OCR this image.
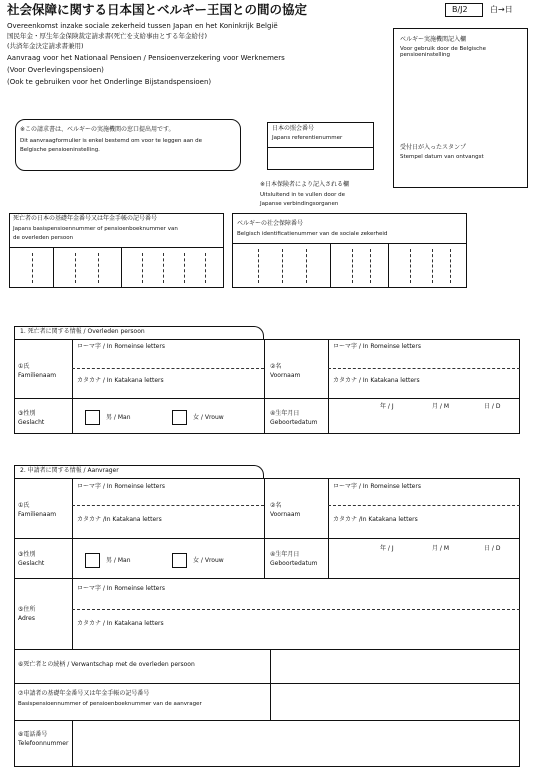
社会保障に関する日本国とベルギー王国との間の協定
Overeenkomst inzake sociale zekerheid tussen Japan en het Koninkrijk België
国民年金・厚生年金保険裁定請求書(死亡を支給事由とする年金給付)
(共済年金決定請求書兼用)
Aanvraag voor het Nationaal Pensioen / Pensioenverzekering voor Werknemers
(Voor Overlevingspensioen)
(Ook te gebruiken voor het Onderlinge Bijstandspensioen)
B/J2	白→日
ベルギー実施機関記入欄
Voor gebruik door de Belgische pensioeninstelling
受付日が入ったスタンプ
Stempel datum van ontvangst
※この請求書は、ベルギーの実施機関の窓口提出用です。
Dit aanvraagformulier is enkel bestemd om voor te leggen aan de
Belgische pensioeninstelling.
日本の照会番号
Japans referentienummer
※日本保険者により記入される欄
Uitsluitend in te vullen door de
Japanse verbindingsorganen
死亡者の日本の基礎年金番号又は年金手帳の記号番号
Japans basispensioennummer of pensioenboeknummer van
de overleden persoon
ベルギーの社会保障番号
Belgisch identificatienummer van de sociale zekerheid
1. 死亡者に関する情報 / Overleden persoon
①氏
Familienaam
ローマ字 / In Romeinse letters
カタカナ / In Katakana letters
②名
Voornaam
ローマ字 / In Romeinse letters
カタカナ / In Katakana letters
③性別
Geslacht
男 / Man	女 / Vrouw
④生年月日
Geboortedatum
年 / J	月 / M	日 / D
2. 申請者に関する情報 / Aanvrager
①氏
Familienaam
ローマ字 / In Romeinse letters
カタカナ /In Katakana letters
②名
Voornaam
ローマ字 / In Romeinse letters
カタカナ /In Katakana letters
③性別
Geslacht	男 / Man	女 / Vrouw
④生年月日
Geboortedatum
年 / J	月 / M	日 / D
⑤住所
Adres
ローマ字 / In Romeinse letters
カタカナ / In Katakana letters
⑥死亡者との続柄 / Verwantschap met de overleden persoon
⑦申請者の基礎年金番号又は年金手帳の記号番号
Basispensioennummer of pensioenboeknummer van de aanvrager
⑧電話番号
Telefoonnummer
